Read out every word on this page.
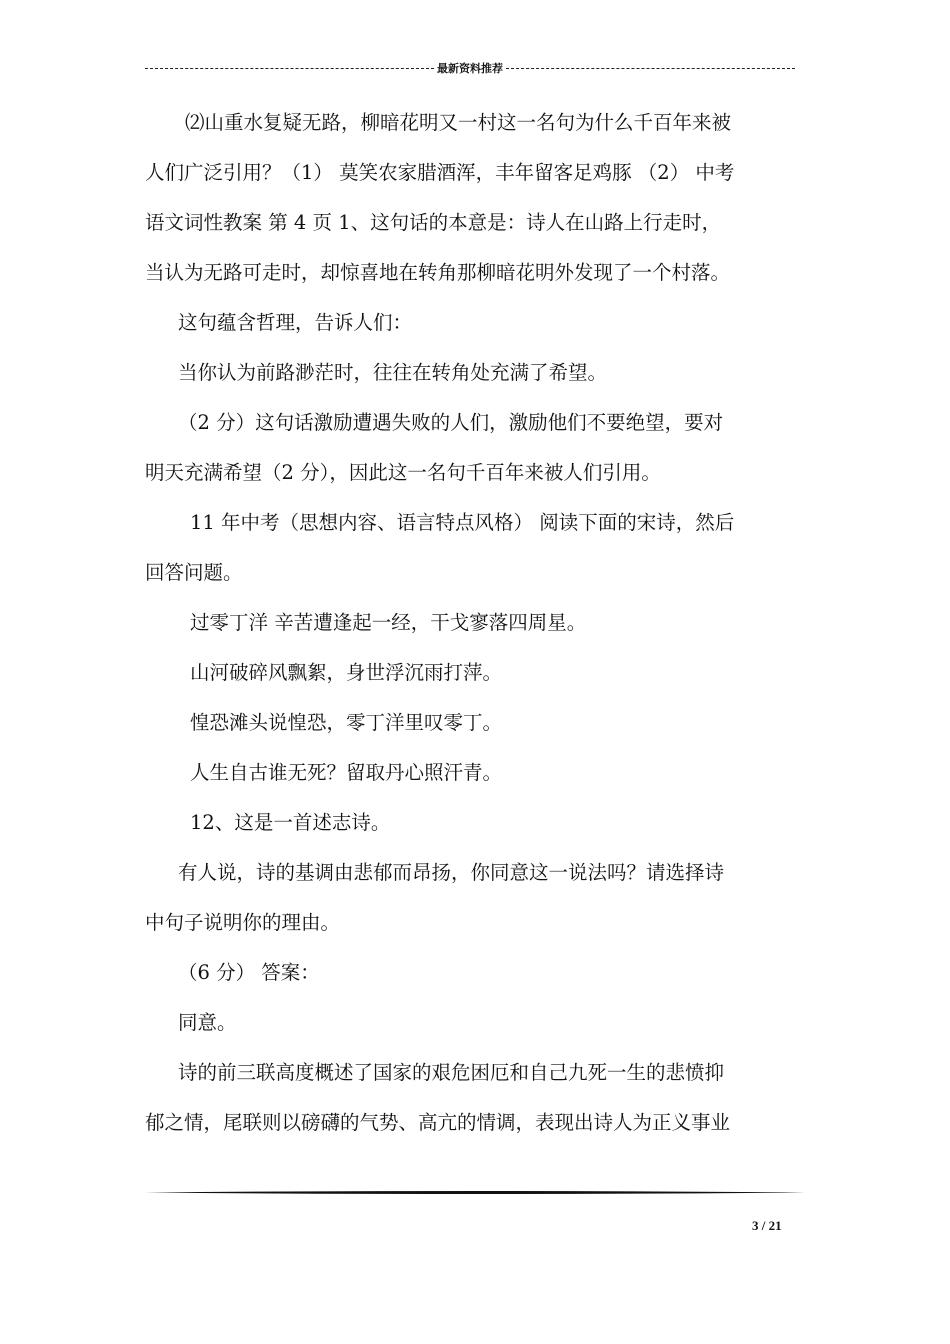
最新资料推荐

⑵山重水复疑无路，柳暗花明又一村这一名句为什么千百年来被

人们广泛引用？（1） 莫笑农家腊酒浑，丰年留客足鸡豚 （2） 中考

语文词性教案 第 4 页 1、这句话的本意是：诗人在山路上行走时，

当认为无路可走时，却惊喜地在转角那柳暗花明外发现了一个村落。

这句蕴含哲理，告诉人们：

当你认为前路渺茫时，往往在转角处充满了希望。

（2 分）这句话激励遭遇失败的人们，激励他们不要绝望，要对

明天充满希望（2 分），因此这一名句千百年来被人们引用。

11 年中考（思想内容、语言特点风格） 阅读下面的宋诗，然后

回答问题。

过零丁洋 辛苦遭逢起一经，干戈寥落四周星。

山河破碎风飘絮，身世浮沉雨打萍。

惶恐滩头说惶恐，零丁洋里叹零丁。

人生自古谁无死？留取丹心照汗青。

12、这是一首述志诗。

有人说，诗的基调由悲郁而昂扬，你同意这一说法吗？请选择诗

中句子说明你的理由。

（6 分） 答案：

同意。

诗的前三联高度概述了国家的艰危困厄和自己九死一生的悲愤抑

郁之情，尾联则以磅礴的气势、高亢的情调，表现出诗人为正义事业

3 / 21
